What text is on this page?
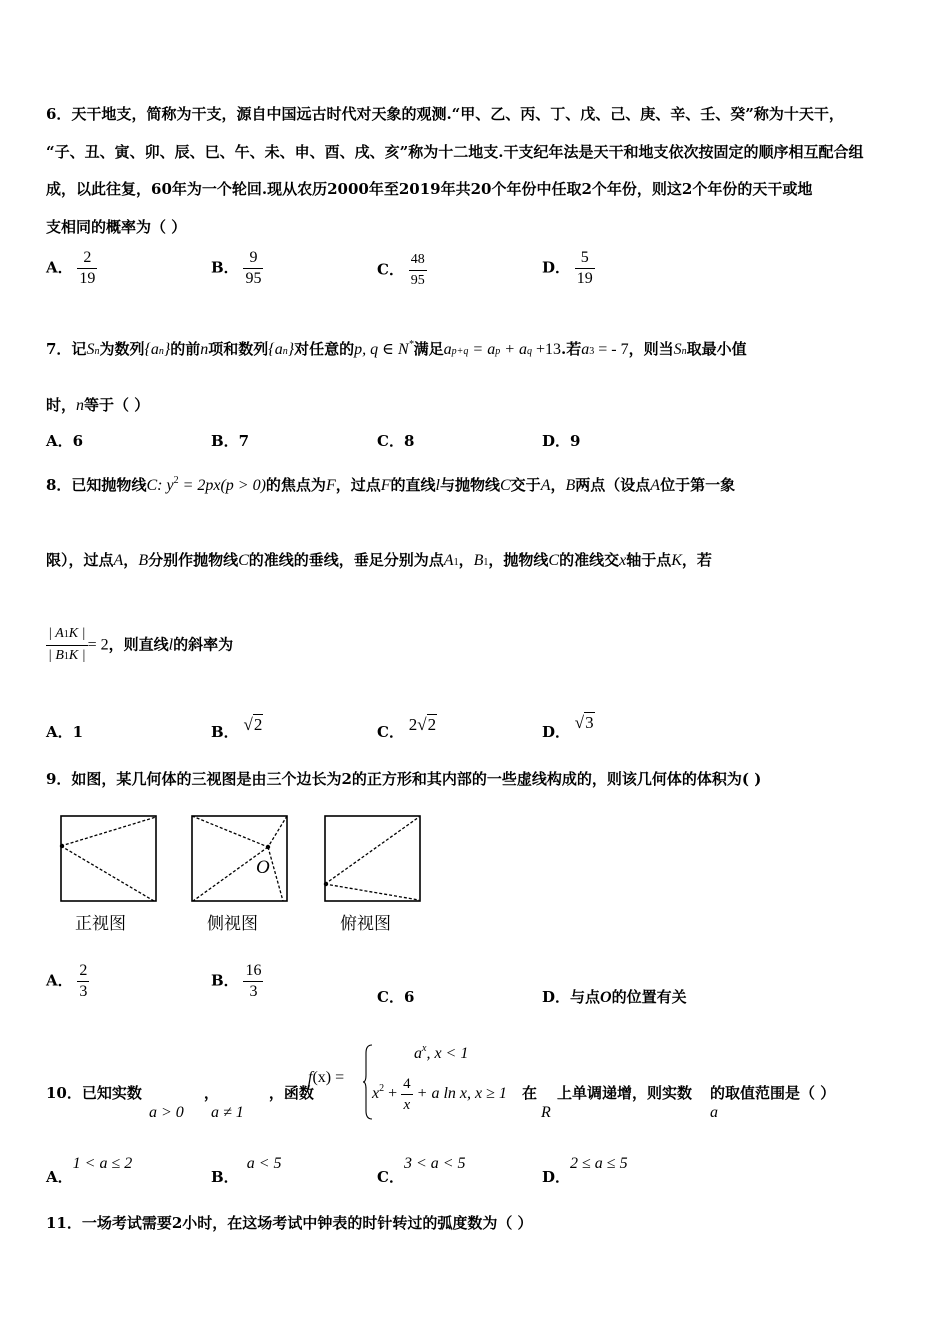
6．天干地支，简称为干支，源自中国远古时代对天象的观测.“甲、乙、丙、丁、戊、己、庚、辛、壬、癸”称为十天干，
“子、丑、寅、卯、辰、巳、午、未、申、酉、戌、亥”称为十二地支.干支纪年法是天干和地支依次按固定的顺序相互配合组
成，以此往复，60年为一个轮回.现从农历2000年至2019年共20个年份中任取2个年份，则这2个年份的天干或地
支相同的概率为（ ）
A． $\frac{2}{19}$	B． $\frac{9}{95}$	C． $\frac{48}{95}$	D． $\frac{5}{19}$
7．记Sn为数列{an}的前n项和数列{an}对任意的p, q ∈ N*满足ap+q = ap + aq +13.若a3 = - 7，则当Sn取最小值
时，n等于（ ）
A．6	B．7	C．8	D．9
8．已知抛物线C: $y^2 = 2px(p > 0)$的焦点为F，过点F的直线l与抛物线C交于A，B两点（设点A位于第一象
限），过点A，B分别作抛物线C的准线的垂线，垂足分别为点A1，B1，抛物线C的准线交x轴于点K，若
$\frac{| A1K |}{| B1K |} = 2$，则直线l的斜率为
A．1	B． √2	C． 2√2	D． √3
9．如图，某几何体的三视图是由三个边长为2的正方形和其内部的一些虚线构成的，则该几何体的体积为( )
O
正视图	侧视图	俯视图
A． $\frac{2}{3}$	B． $\frac{16}{3}$	C．6	D．与点O的位置有关
10．已知实数	，	，函数
a > 0 a ≠ 1
f(x) =
$a^x$, x < 1
$x^2 + \frac{4}{x} + a$ ln x, x ≥ 1 在 上单调递增，则实数 的取值范围是（ ）
R	a
A．1 < a ≤ 2
B．a < 5
C．3 < a < 5
D．2 ≤ a ≤ 5
11．一场考试需要2小时，在这场考试中钟表的时针转过的弧度数为（ ）
